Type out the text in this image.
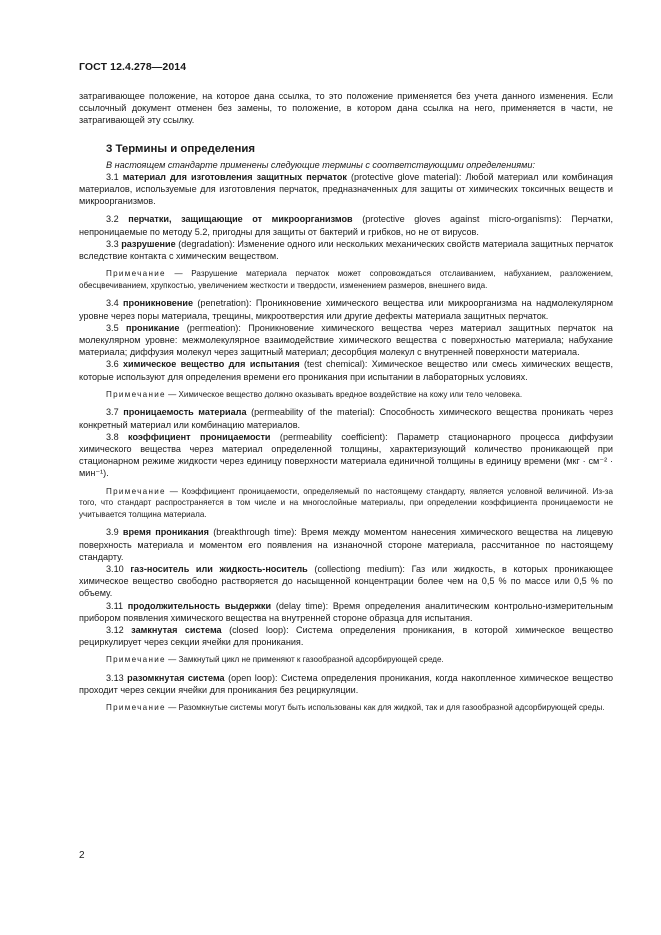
ГОСТ 12.4.278—2014

затрагивающее положение, на которое дана ссылка, то это положение применяется без учета данного изменения. Если ссылочный документ отменен без замены, то положение, в котором дана ссылка на него, применяется в части, не затрагивающей эту ссылку.

3 Термины и определения

В настоящем стандарте применены следующие термины с соответствующими определениями:

3.1 материал для изготовления защитных перчаток (protective glove material): Любой материал или комбинация материалов, используемые для изготовления перчаток, предназначенных для защиты от химических токсичных веществ и микроорганизмов.

3.2 перчатки, защищающие от микроорганизмов (protective gloves against micro-organisms): Перчатки, непроницаемые по методу 5.2, пригодны для защиты от бактерий и грибков, но не от вирусов.

3.3 разрушение (degradation): Изменение одного или нескольких механических свойств материала защитных перчаток вследствие контакта с химическим веществом.

Примечание — Разрушение материала перчаток может сопровождаться отслаиванием, набуханием, разложением, обесцвечиванием, хрупкостью, увеличением жесткости и твердости, изменением размеров, внешнего вида.

3.4 проникновение (penetration): Проникновение химического вещества или микроорганизма на надмолекулярном уровне через поры материала, трещины, микроотверстия или другие дефекты материала защитных перчаток.

3.5 проникание (permeation): Проникновение химического вещества через материал защитных перчаток на молекулярном уровне: межмолекулярное взаимодействие химического вещества с поверхностью материала; набухание материала; диффузия молекул через защитный материал; десорбция молекул с внутренней поверхности материала.

3.6 химическое вещество для испытания (test chemical): Химическое вещество или смесь химических веществ, которые используют для определения времени его проникания при испытании в лабораторных условиях.

Примечание — Химическое вещество должно оказывать вредное воздействие на кожу или тело человека.

3.7 проницаемость материала (permeability of the material): Способность химического вещества проникать через конкретный материал или комбинацию материалов.

3.8 коэффициент проницаемости (permeability coefficient): Параметр стационарного процесса диффузии химического вещества через материал определенной толщины, характеризующий количество проникающей при стационарном режиме жидкости через единицу поверхности материала единичной толщины в единицу времени (мкг · см⁻² · мин⁻¹).

Примечание — Коэффициент проницаемости, определяемый по настоящему стандарту, является условной величиной. Из-за того, что стандарт распространяется в том числе и на многослойные материалы, при определении коэффициента проницаемости не учитывается толщина материала.

3.9 время проникания (breakthrough time): Время между моментом нанесения химического вещества на лицевую поверхность материала и моментом его появления на изнаночной стороне материала, рассчитанное по настоящему стандарту.

3.10 газ-носитель или жидкость-носитель (collectiong medium): Газ или жидкость, в которых проникающее химическое вещество свободно растворяется до насыщенной концентрации более чем на 0,5 % по массе или 0,5 % по объему.

3.11 продолжительность выдержки (delay time): Время определения аналитическим контрольно-измерительным прибором появления химического вещества на внутренней стороне образца для испытания.

3.12 замкнутая система (closed loop): Система определения проникания, в которой химическое вещество рециркулирует через секции ячейки для проникания.

Примечание — Замкнутый цикл не применяют к газообразной адсорбирующей среде.

3.13 разомкнутая система (open loop): Система определения проникания, когда накопленное химическое вещество проходит через секции ячейки для проникания без рециркуляции.

Примечание — Разомкнутые системы могут быть использованы как для жидкой, так и для газообразной адсорбирующей среды.

2
